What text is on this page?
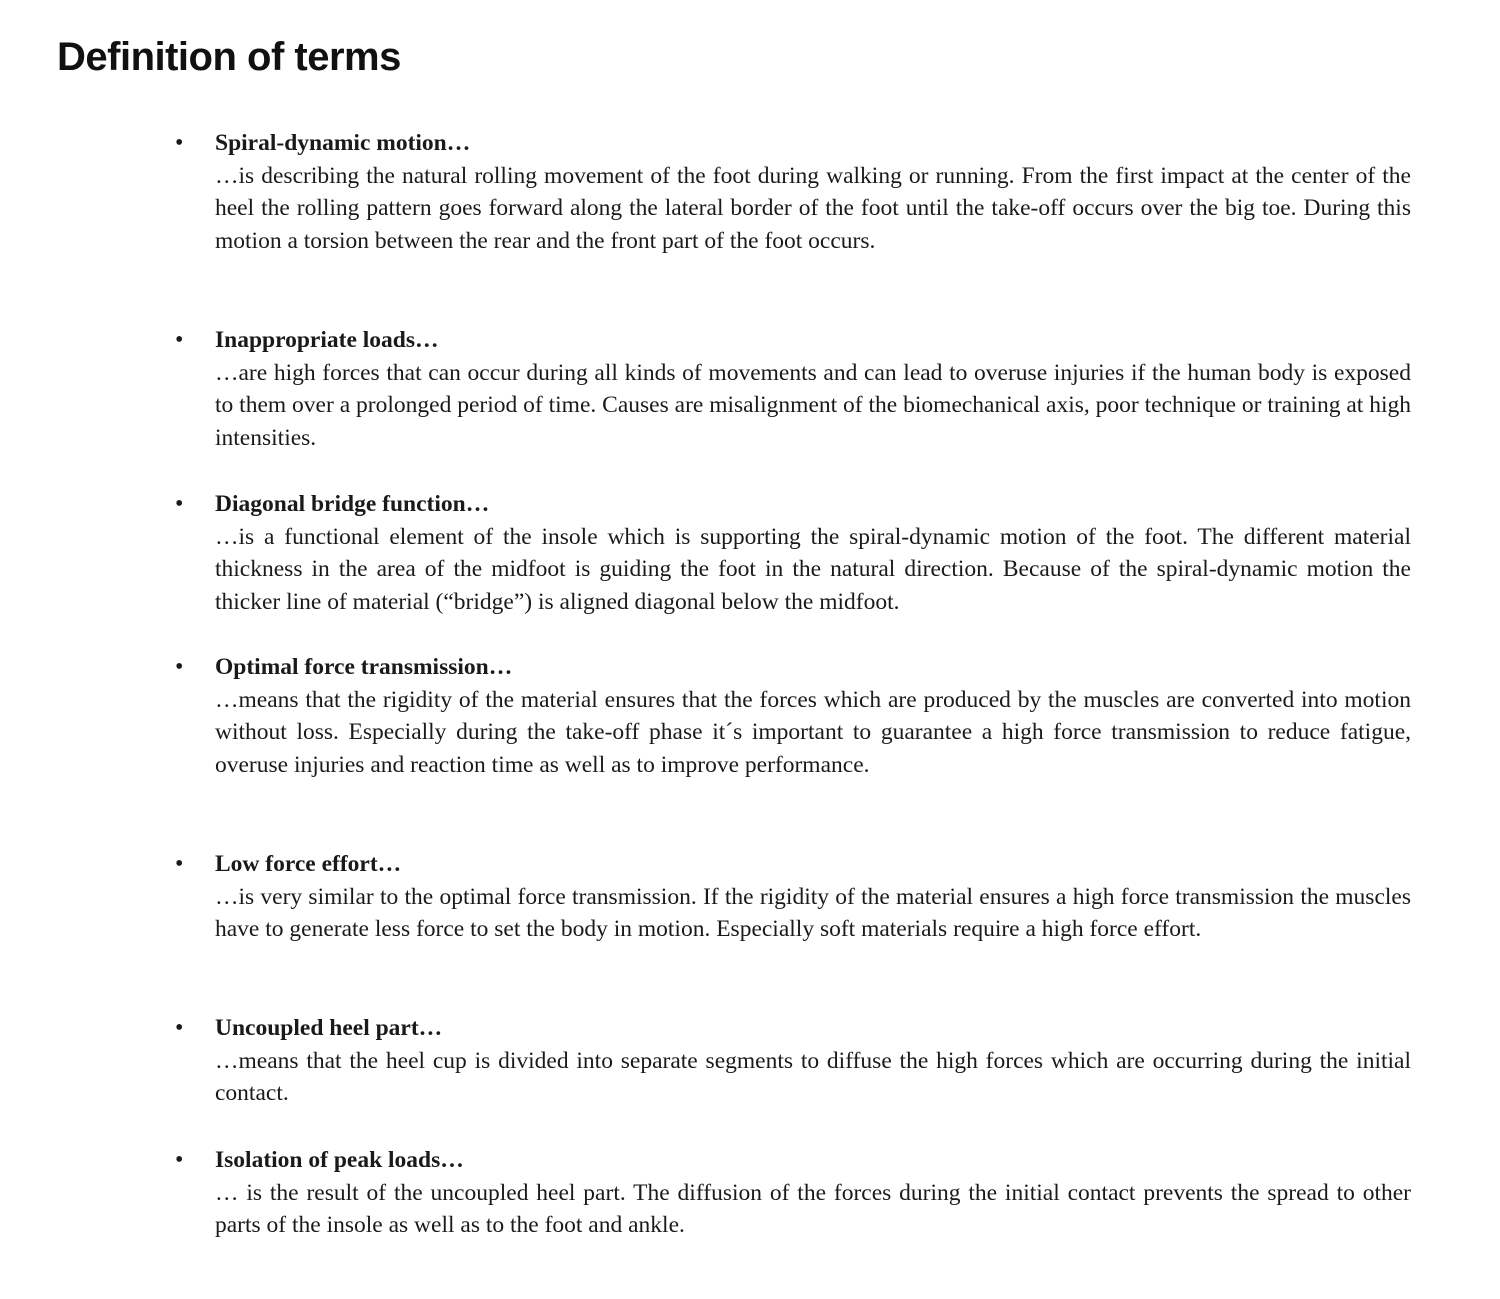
Definition of terms
• Spiral-dynamic motion…
…is describing the natural rolling movement of the foot during walking or running. From the first impact at the center of the heel the rolling pattern goes forward along the lateral border of the foot until the take-off occurs over the big toe. During this motion a torsion between the rear and the front part of the foot occurs.
• Inappropriate loads…
…are high forces that can occur during all kinds of movements and can lead to overuse injuries if the human body is exposed to them over a prolonged period of time. Causes are misalignment of the biomechanical axis, poor technique or training at high intensities.
• Diagonal bridge function…
…is a functional element of the insole which is supporting the spiral-dynamic motion of the foot. The different material thickness in the area of the midfoot is guiding the foot in the natural direction. Because of the spiral-dynamic motion the thicker line of material (“bridge”) is aligned diagonal below the midfoot.
• Optimal force transmission…
…means that the rigidity of the material ensures that the forces which are produced by the muscles are converted into motion without loss. Especially during the take-off phase it´s important to guarantee a high force transmission to reduce fatigue, overuse injuries and reaction time as well as to improve performance.
• Low force effort…
…is very similar to the optimal force transmission. If the rigidity of the material ensures a high force transmission the muscles have to generate less force to set the body in motion. Especially soft materials require a high force effort.
• Uncoupled heel part…
…means that the heel cup is divided into separate segments to diffuse the high forces which are occurring during the initial contact.
• Isolation of peak loads…
… is the result of the uncoupled heel part. The diffusion of the forces during the initial contact prevents the spread to other parts of the insole as well as to the foot and ankle.
